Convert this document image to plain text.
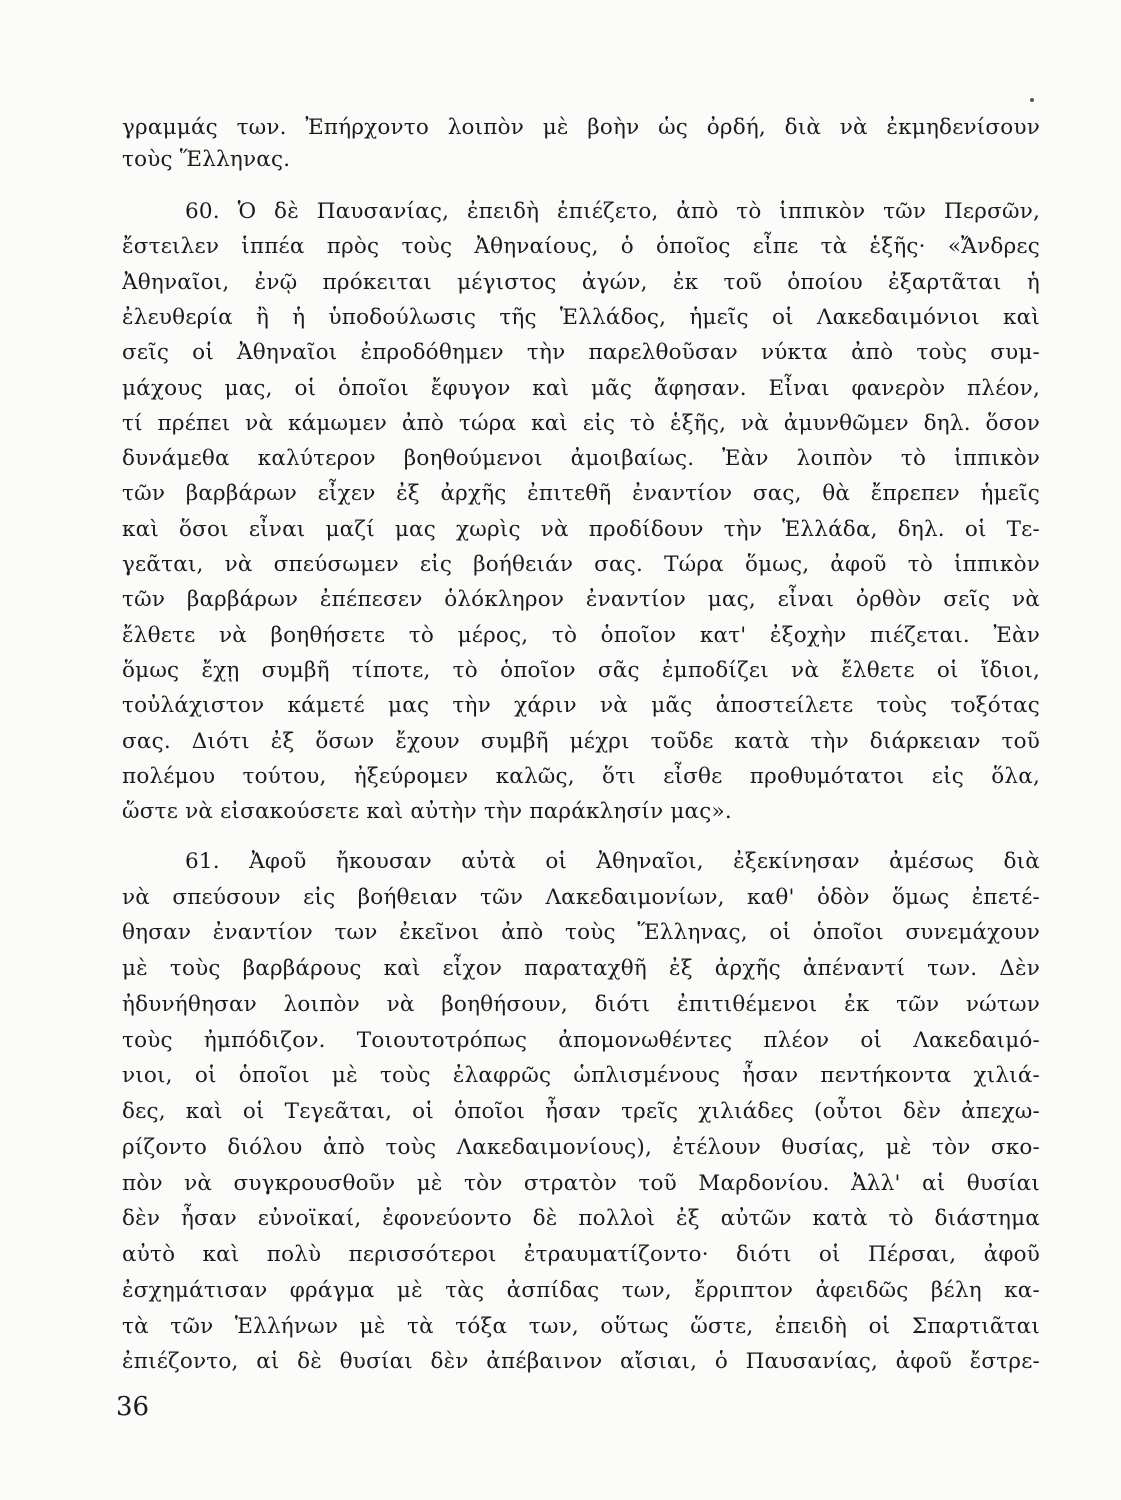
γραμμάς των. Ἐπήρχοντο λοιπὸν μὲ βοὴν ὡς ὀρδή, διὰ νὰ ἐκμηδενίσουν
τοὺς Ἕλληνας.
60. Ὁ δὲ Παυσανίας, ἐπειδὴ ἐπιέζετο, ἀπὸ τὸ ἱππικὸν τῶν Περσῶν,
ἔστειλεν ἱππέα πρὸς τοὺς Ἀθηναίους, ὁ ὁποῖος εἶπε τὰ ἑξῆς· «Ἄνδρες
Ἀθηναῖοι, ἐνῷ πρόκειται μέγιστος ἀγών, ἐκ τοῦ ὁποίου ἐξαρτᾶται ἡ
ἐλευθερία ἢ ἡ ὑποδούλωσις τῆς Ἑλλάδος, ἡμεῖς οἱ Λακεδαιμόνιοι καὶ
σεῖς οἱ Ἀθηναῖοι ἐπροδόθημεν τὴν παρελθοῦσαν νύκτα ἀπὸ τοὺς συμ-
μάχους μας, οἱ ὁποῖοι ἔφυγον καὶ μᾶς ἄφησαν. Εἶναι φανερὸν πλέον,
τί πρέπει νὰ κάμωμεν ἀπὸ τώρα καὶ εἰς τὸ ἑξῆς, νὰ ἀμυνθῶμεν δηλ. ὅσον
δυνάμεθα καλύτερον βοηθούμενοι ἀμοιβαίως. Ἐὰν λοιπὸν τὸ ἱππικὸν
τῶν βαρβάρων εἶχεν ἐξ ἀρχῆς ἐπιτεθῆ ἐναντίον σας, θὰ ἔπρεπεν ἡμεῖς
καὶ ὅσοι εἶναι μαζί μας χωρὶς νὰ προδίδουν τὴν Ἑλλάδα, δηλ. οἱ Τε-
γεᾶται, νὰ σπεύσωμεν εἰς βοήθειάν σας. Τώρα ὅμως, ἀφοῦ τὸ ἱππικὸν
τῶν βαρβάρων ἐπέπεσεν ὁλόκληρον ἐναντίον μας, εἶναι ὀρθὸν σεῖς νὰ
ἔλθετε νὰ βοηθήσετε τὸ μέρος, τὸ ὁποῖον κατ' ἐξοχὴν πιέζεται. Ἐὰν
ὅμως ἔχῃ συμβῆ τίποτε, τὸ ὁποῖον σᾶς ἐμποδίζει νὰ ἔλθετε οἱ ἴδιοι,
τοὐλάχιστον κάμετέ μας τὴν χάριν νὰ μᾶς ἀποστείλετε τοὺς τοξότας
σας. Διότι ἐξ ὅσων ἔχουν συμβῆ μέχρι τοῦδε κατὰ τὴν διάρκειαν τοῦ
πολέμου τούτου, ἠξεύρομεν καλῶς, ὅτι εἶσθε προθυμότατοι εἰς ὅλα,
ὥστε νὰ εἰσακούσετε καὶ αὐτὴν τὴν παράκλησίν μας».
61. Ἀφοῦ ἤκουσαν αὐτὰ οἱ Ἀθηναῖοι, ἐξεκίνησαν ἀμέσως διὰ
νὰ σπεύσουν εἰς βοήθειαν τῶν Λακεδαιμονίων, καθ' ὁδὸν ὅμως ἐπετέ-
θησαν ἐναντίον των ἐκεῖνοι ἀπὸ τοὺς Ἕλληνας, οἱ ὁποῖοι συνεμάχουν
μὲ τοὺς βαρβάρους καὶ εἶχον παραταχθῆ ἐξ ἀρχῆς ἀπέναντί των. Δὲν
ἠδυνήθησαν λοιπὸν νὰ βοηθήσουν, διότι ἐπιτιθέμενοι ἐκ τῶν νώτων
τοὺς ἠμπόδιζον. Τοιουτοτρόπως ἀπομονωθέντες πλέον οἱ Λακεδαιμό-
νιοι, οἱ ὁποῖοι μὲ τοὺς ἐλαφρῶς ὡπλισμένους ἦσαν πεντήκοντα χιλιά-
δες, καὶ οἱ Τεγεᾶται, οἱ ὁποῖοι ἦσαν τρεῖς χιλιάδες (οὗτοι δὲν ἀπεχω-
ρίζοντο διόλου ἀπὸ τοὺς Λακεδαιμονίους), ἐτέλουν θυσίας, μὲ τὸν σκο-
πὸν νὰ συγκρουσθοῦν μὲ τὸν στρατὸν τοῦ Μαρδονίου. Ἀλλ' αἱ θυσίαι
δὲν ἦσαν εὐνοϊκαί, ἐφονεύοντο δὲ πολλοὶ ἐξ αὐτῶν κατὰ τὸ διάστημα
αὐτὸ καὶ πολὺ περισσότεροι ἐτραυματίζοντο· διότι οἱ Πέρσαι, ἀφοῦ
ἐσχημάτισαν φράγμα μὲ τὰς ἀσπίδας των, ἔρριπτον ἀφειδῶς βέλη κα-
τὰ τῶν Ἑλλήνων μὲ τὰ τόξα των, οὕτως ὥστε, ἐπειδὴ οἱ Σπαρτιᾶται
ἐπιέζοντο, αἱ δὲ θυσίαι δὲν ἀπέβαινον αἴσιαι, ὁ Παυσανίας, ἀφοῦ ἔστρε-
36
